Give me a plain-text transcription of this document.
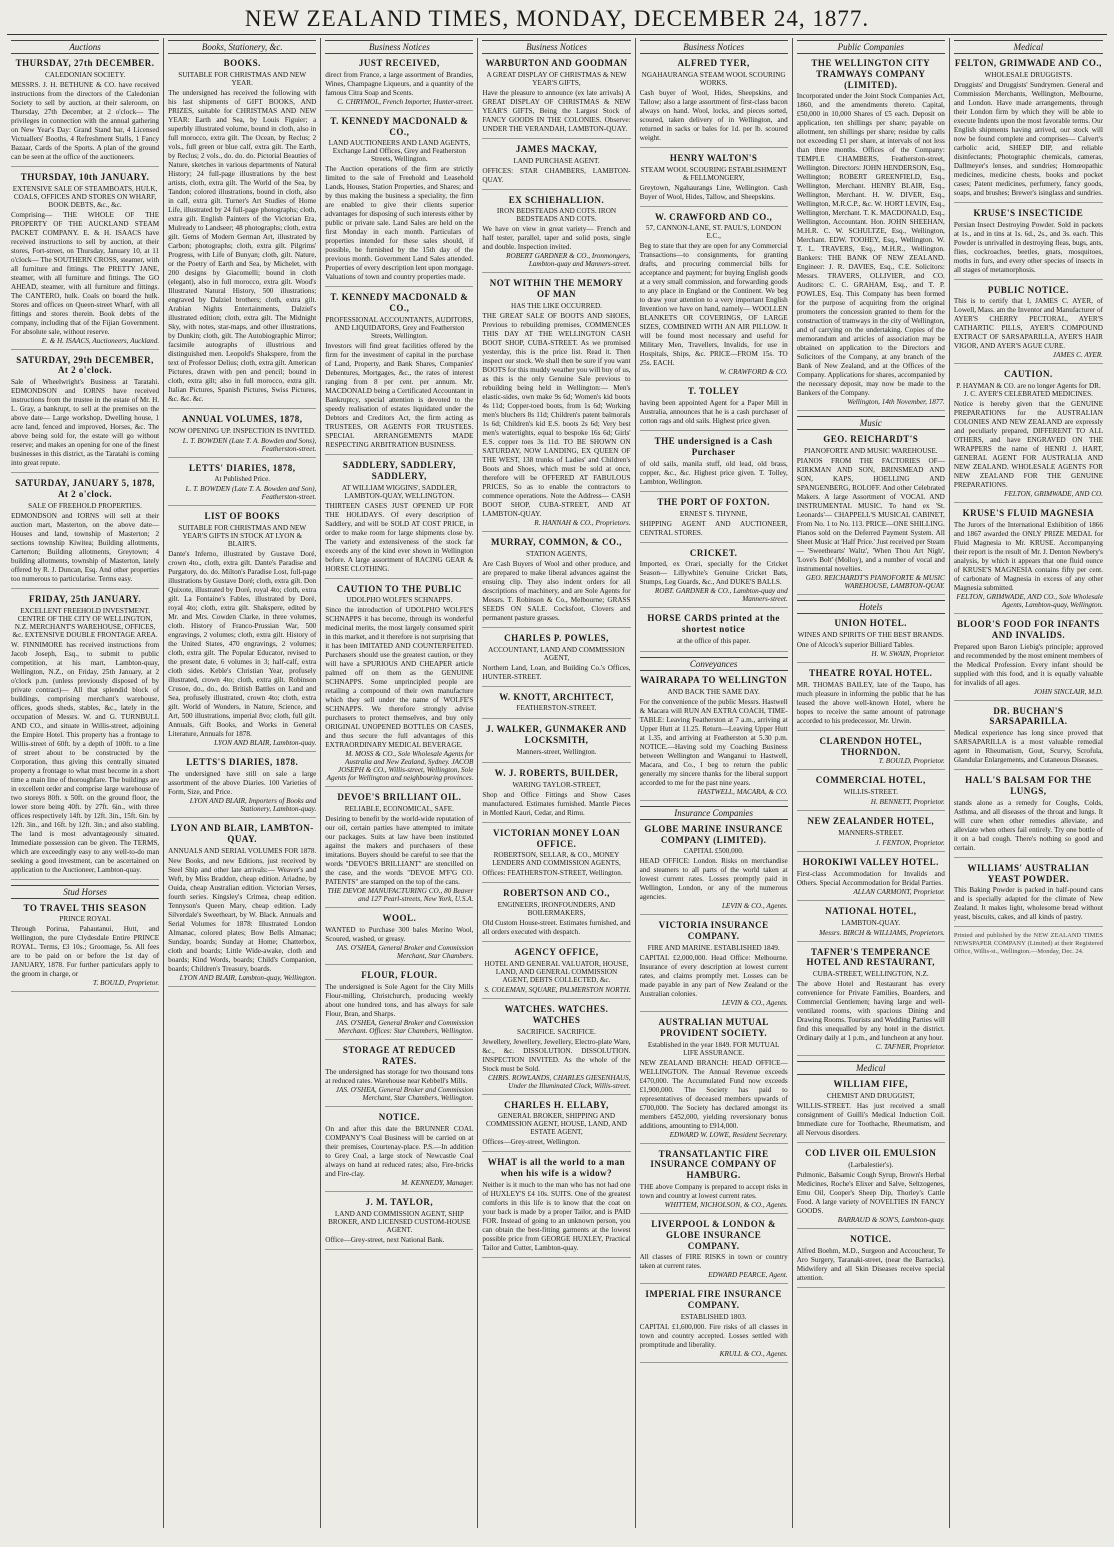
NEW ZEALAND TIMES, MONDAY, DECEMBER 24, 1877.
Auctions
THURSDAY, 27th DECEMBER.
CALEDONIAN SOCIETY.
MESSRS. J. H. BETHUNE & CO. have received instructions from the directors of the Caledonian Society to sell by auction, at their saleroom, on Thursday, 27th December, at 2 o'clock— The privileges in connection with the annual gathering on New Year's Day: Grand Stand bar, 4 Licensed Victuallers' Booths, 4 Refreshment Stalls, 1 Fancy Bazaar, Cards of the Sports. A plan of the ground can be seen at the office of the auctioneers.
THURSDAY, 10th JANUARY.
EXTENSIVE SALE OF STEAMBOATS, HULK, COALS, OFFICES AND STORES ON WHARF, BOOK DEBTS, &c., &c.
Comprising— THE WHOLE OF THE PROPERTY OF THE AUCKLAND STEAM PACKET COMPANY. E. & H. ISAACS have received instructions to sell by auction, at their stores, Fort-street, on Thursday, January 10, at 11 o'clock— The SOUTHERN CROSS, steamer, with all furniture and fittings. The PRETTY JANE, steamer, with all furniture and fittings. The GO AHEAD, steamer, with all furniture and fittings. The CANTERO, hulk. Coals on board the hulk. Stores and offices on Queen-street Wharf, with all fittings and stores therein. Book debts of the company, including that of the Fijian Government. For absolute sale, without reserve.
E. & H. ISAACS, Auctioneers, Auckland.
SATURDAY, 29th DECEMBER, At 2 o'clock.
Sale of Wheelwright's Business at Taratahi. EDMONDSON and IORNS have received instructions from the trustee in the estate of Mr. H. L. Gray, a bankrupt, to sell at the premises on the above date— Large workshop, Dwelling house, 1 acre land, fenced and improved, Horses, &c. The above being sold for, the estate will go without reserve; and makes an opening for one of the finest businesses in this district, as the Taratahi is coming into great repute.
SATURDAY, JANUARY 5, 1878, At 2 o'clock.
SALE OF FREEHOLD PROPERTIES.
EDMONDSON and IORNS will sell at their auction mart, Masterton, on the above date— Houses and land, township of Masterton; 2 sections township Kiwitea; Building allotments, Carterton; Building allotments, Greytown; 4 building allotments, township of Masterton, lately offered by R. J. Duncan, Esq. And other properties too numerous to particularise. Terms easy.
FRIDAY, 25th JANUARY.
EXCELLENT FREEHOLD INVESTMENT. CENTRE OF THE CITY OF WELLINGTON, N.Z. MERCHANT'S WAREHOUSE, OFFICES, &c. EXTENSIVE DOUBLE FRONTAGE AREA.
W. FINNIMORE has received instructions from Jacob Joseph, Esq., to submit to public competition, at his mart, Lambton-quay, Wellington, N.Z., on Friday, 25th January, at 2 o'clock p.m. (unless previously disposed of by private contract)— All that splendid block of buildings, comprising merchant's warehouse, offices, goods sheds, stables, &c., lately in the occupation of Messrs. W. and G. TURNBULL AND CO., and situate in Willis-street, adjoining the Empire Hotel. This property has a frontage to Willis-street of 60ft. by a depth of 100ft. to a line of street about to be constructed by the Corporation, thus giving this centrally situated property a frontage to what must become in a short time a main line of thoroughfare. The buildings are in excellent order and comprise large warehouse of two storeys 80ft. x 50ft. on the ground floor, the lower store being 40ft. by 27ft. 6in., with three offices respectively 14ft. by 12ft. 3in., 15ft. 6in. by 12ft. 3in., and 16ft. by 12ft. 3in.; and also stabling. The land is most advantageously situated. Immediate possession can be given. The TERMS, which are exceedingly easy to any well-to-do man seeking a good investment, can be ascertained on application to the Auctioneer, Lambton-quay.
Stud Horses
TO TRAVEL THIS SEASON
PRINCE ROYAL
Through Porirua, Pahautanui, Hutt, and Wellington, the pure Clydesdale Entire PRINCE ROYAL. Terms, £3 10s.; Groomage, 5s. All fees are to be paid on or before the 1st day of JANUARY, 1878. For further particulars apply to the groom in charge, or
T. BOULD, Proprietor.
Books, Stationery, &c.
BOOKS.
SUITABLE FOR CHRISTMAS AND NEW YEAR.
The undersigned has received the following with his last shipments of GIFT BOOKS, AND PRIZES, suitable for CHRISTMAS AND NEW YEAR: Earth and Sea, by Louis Figuier; a superbly illustrated volume, bound in cloth, also in full morocco, extra gilt. The Ocean, by Reclus; 2 vols., full green or blue calf, extra gilt. The Earth, by Reclus; 2 vols., do. do. do. Pictorial Beauties of Nature, sketches in various departments of Natural History; 24 full-page illustrations by the best artists, cloth, extra gilt. The World of the Sea, by Tandon; colored illustrations, bound in cloth, also in calf, extra gilt. Turner's Art Studies of Home Life, illustrated by 24 full-page photographs; cloth, extra gilt. English Painters of the Victorian Era, Mulready to Landseer; 48 photographs; cloth, extra gilt. Gems of Modern German Art, illustrated by Carbon; photographs; cloth, extra gilt. Pilgrims' Progress, with Life of Bunyan; cloth, gilt. Nature, or the Poetry of Earth and Sea, by Michelet, with 200 designs by Giacomelli; bound in cloth (elegant), also in full morocco, extra gilt. Wood's Illustrated Natural History, 500 illustrations; engraved by Dalziel brothers; cloth, extra gilt. Arabian Nights Entertainments, Dalziel's illustrated edition; cloth, extra gilt. The Midnight Sky, with notes, star-maps, and other illustrations, by Dunkin; cloth, gilt. The Autobiographic Mirror; facsimile autographs of illustrious and distinguished men. Leopold's Shakspere, from the text of Professor Delius; cloth, extra gilt. American Pictures, drawn with pen and pencil; bound in cloth, extra gilt; also in full morocco, extra gilt. Italian Pictures, Spanish Pictures, Swiss Pictures, &c. &c. &c.
ANNUAL VOLUMES, 1878,
NOW OPENING UP. INSPECTION IS INVITED.
L. T. BOWDEN (Late T. A. Bowden and Sons), Featherston-street.
LETTS' DIARIES, 1878,
At Published Price.
L. T. BOWDEN (Late T. A. Bowden and Son), Featherston-street.
LIST OF BOOKS
SUITABLE FOR CHRISTMAS AND NEW YEAR'S GIFTS IN STOCK AT LYON & BLAIR'S.
Dante's Inferno, illustrated by Gustave Doré, crown 4to., cloth, extra gilt. Dante's Paradise and Purgatory, do. do. Milton's Paradise Lost, full-page illustrations by Gustave Doré; cloth, extra gilt. Don Quixote, illustrated by Doré, royal 4to; cloth, extra gilt. La Fontaine's Fables, illustrated by Doré, royal 4to; cloth, extra gilt. Shakspere, edited by Mr. and Mrs. Cowden Clarke, in three volumes, cloth. History of Franco-Prussian War, 500 engravings, 2 volumes; cloth, extra gilt. History of the United States, 470 engravings, 2 volumes; cloth, extra gilt. The Popular Educator, revised to the present date, 6 volumes in 3; half-calf, extra cloth sides. Keble's Christian Year, profusely illustrated, crown 4to; cloth, extra gilt. Robinson Crusoe, do., do., do. British Battles on Land and Sea, profusely illustrated, crown 4to; cloth, extra gilt. World of Wonders, in Nature, Science, and Art, 500 illustrations, imperial 8vo; cloth, full gilt. Annuals, Gift Books, and Works in General Literature, Annuals for 1878.
LYON AND BLAIR, Lambton-quay.
LETTS'S DIARIES, 1878.
The undersigned have still on sale a large assortment of the above Diaries. 100 Varieties of Form, Size, and Price.
LYON AND BLAIR, Importers of Books and Stationery, Lambton-quay.
LYON AND BLAIR, LAMBTON-QUAY.
ANNUALS AND SERIAL VOLUMES FOR 1878.
New Books, and new Editions, just received by Steel Ship and other late arrivals:— Weaver's and Weft, by Miss Braddon, cheap edition. Ariadne, by Ouida, cheap Australian edition. Victorian Verses, fourth series. Kingsley's Crimea, cheap edition. Tennyson's Queen Mary, cheap edition. Lady Silverdale's Sweetheart, by W. Black. Annuals and Serial Volumes for 1878: Illustrated London Almanac, colored plates; Bow Bells Almanac; Sunday, boards; Sunday at Home; Chatterbox, cloth and boards; Little Wide-awake, cloth and boards; Kind Words, boards; Child's Companion, boards; Children's Treasury, boards.
LYON AND BLAIR, Lambton-quay, Wellington.
Business Notices
JUST RECEIVED,
direct from France, a large assortment of Brandies, Wines, Champagne Liqueurs, and a quantity of the famous Citra Soap and Scents.
C. CHRYMOL, French Importer, Hunter-street.
T. KENNEDY MACDONALD & CO.,
LAND AUCTIONEERS AND LAND AGENTS, Exchange Land Offices, Grey and Featherston Streets, Wellington.
The Auction operations of the firm are strictly limited to the sale of Freehold and Leasehold Lands, Houses, Station Properties, and Shares; and by thus making the business a speciality, the firm are enabled to give their clients superior advantages for disposing of such interests either by public or private sale. Land Sales are held on the first Monday in each month. Particulars of properties intended for these sales should, if possible, be furnished by the 15th day of the previous month. Government Land Sales attended. Properties of every description lent upon mortgage. Valuations of town and country properties made.
T. KENNEDY MACDONALD & CO.,
PROFESSIONAL ACCOUNTANTS, AUDITORS, AND LIQUIDATORS, Grey and Featherston Streets, Wellington.
Investors will find great facilities offered by the firm for the investment of capital in the purchase of Land, Property, and Bank Shares, Companies' Debentures, Mortgages, &c., the rates of interest ranging from 8 per cent. per annum. Mr. MACDONALD being a Certificated Accountant in Bankruptcy, special attention is devoted to the speedy realisation of estates liquidated under the Debtors and Creditors Act, the firm acting as TRUSTEES, OR AGENTS FOR TRUSTEES. SPECIAL ARRANGEMENTS MADE RESPECTING ARBITRATION BUSINESS.
SADDLERY, SADDLERY, SADDLERY,
AT WILLIAM WIGGINS', SADDLER, LAMBTON-QUAY, WELLINGTON.
THIRTEEN CASES JUST OPENED UP FOR THE HOLIDAYS. Of every description of Saddlery, and will be SOLD AT COST PRICE, in order to make room for large shipments close by. The variety and extensiveness of the stock far exceeds any of the kind ever shown in Wellington before. A large assortment of RACING GEAR & HORSE CLOTHING.
CAUTION TO THE PUBLIC
UDOLPHO WOLFE'S SCHNAPPS.
Since the introduction of UDOLPHO WOLFE'S SCHNAPPS it has become, through its wonderful medicinal merits, the most largely consumed spirit in this market, and it therefore is not surprising that it has been IMITATED AND COUNTERFEITED. Purchasers should use the greatest caution, or they will have a SPURIOUS AND CHEAPER article palmed off on them as the GENUINE SCHNAPPS. Some unprincipled people are retailing a compound of their own manufacture which they sell under the name of WOLFE'S SCHNAPPS. We therefore strongly advise purchasers to protect themselves, and buy only ORIGINAL UNOPENED BOTTLES OR CASES, and thus secure the full advantages of this EXTRAORDINARY MEDICAL BEVERAGE.
M. MOSS & CO., Sole Wholesale Agents for Australia and New Zealand, Sydney. JACOB JOSEPH & CO., Willis-street, Wellington, Sole Agents for Wellington and neighbouring provinces.
DEVOE'S BRILLIANT OIL.
RELIABLE, ECONOMICAL, SAFE.
Desiring to benefit by the world-wide reputation of our oil, certain parties have attempted to imitate our packages. Suits at law have been instituted against the makers and purchasers of these imitations. Buyers should be careful to see that the words "DEVOE'S BRILLIANT" are stencilled on the case, and the words "DEVOE M'F'G CO. PATENTS" are stamped on the top of the cans.
THE DEVOE MANUFACTURING CO., 80 Beaver and 127 Pearl-streets, New York, U.S.A.
WOOL.
WANTED to Purchase 300 bales Merino Wool, Scoured, washed, or greasy.
JAS. O'SHEA, General Broker and Commission Merchant, Star Chambers.
FLOUR, FLOUR.
The undersigned is Sole Agent for the City Mills Flour-milling, Christchurch, producing weekly about one hundred tons, and has always for sale Flour, Bran, and Sharps.
JAS. O'SHEA, General Broker and Commission Merchant. Offices: Star Chambers, Wellington.
STORAGE AT REDUCED RATES.
The undersigned has storage for two thousand tons at reduced rates. Warehouse near Kebbell's Mills.
JAS. O'SHEA, General Broker and Commission Merchant, Star Chambers, Wellington.
NOTICE.
On and after this date the BRUNNER COAL COMPANY'S Coal Business will be carried on at their premises, Courtenay-place. P.S.—In addition to Grey Coal, a large stock of Newcastle Coal always on hand at reduced rates; also, Fire-bricks and Fire-clay.
M. KENNEDY, Manager.
J. M. TAYLOR,
LAND AND COMMISSION AGENT, SHIP BROKER, AND LICENSED CUSTOM-HOUSE AGENT.
Office—Grey-street, next National Bank.
Business Notices
WARBURTON AND GOODMAN
A GREAT DISPLAY OF CHRISTMAS & NEW YEAR'S GIFTS,
Have the pleasure to announce (ex late arrivals) A GREAT DISPLAY OF CHRISTMAS & NEW YEAR'S GIFTS, Being the Largest Stock of FANCY GOODS IN THE COLONIES. Observe: UNDER THE VERANDAH, LAMBTON-QUAY.
JAMES MACKAY,
LAND PURCHASE AGENT.
OFFICES: STAR CHAMBERS, LAMBTON-QUAY.
EX SCHIEHALLION.
IRON BEDSTEADS AND COTS. IRON BEDSTEADS AND COTS.
We have on view in great variety— French and half tester, parallel, taper and solid posts, single and double. Inspection invited.
ROBERT GARDNER & CO., Ironmongers, Lambton-quay and Manners-street.
NOT WITHIN THE MEMORY OF MAN
HAS THE LIKE OCCURRED.
THE GREAT SALE OF BOOTS AND SHOES, Previous to rebuilding premises, COMMENCES THIS DAY AT THE WELLINGTON CASH BOOT SHOP, CUBA-STREET. As we promised yesterday, this is the price list. Read it. Then inspect our stock. We shall then be sure if you want BOOTS for this muddy weather you will buy of us, as this is the only Genuine Sale previous to rebuilding being held in Wellington:— Men's elastic-sides, own make 9s 6d; Women's kid boots 4s 11d; Copper-toed boots, from 1s 6d; Working men's bluchers 8s 11d; Children's patent balmorals 1s 6d; Children's kid E.S. boots 2s 6d; Very best men's watertights, equal to bespoke 16s 6d; Girls' E.S. copper toes 3s 11d. TO BE SHOWN ON SATURDAY, NOW LANDING, EX QUEEN OF THE WEST, 138 trunks of Ladies' and Children's Boots and Shoes, which must be sold at once, therefore will be OFFERED AT FABULOUS PRICES, So as to enable the contractors to commence operations. Note the Address— CASH BOOT SHOP, CUBA-STREET, AND AT LAMBTON-QUAY.
R. HANNAH & CO., Proprietors.
MURRAY, COMMON, & CO.,
STATION AGENTS,
Are Cash Buyers of Wool and other produce, and are prepared to make liberal advances against the ensuing clip. They also indent orders for all descriptions of machinery, and are Sole Agents for Messrs. T. Robinson & Co., Melbourne; GRASS SEEDS ON SALE. Cocksfoot, Clovers and permanent pasture grasses.
CHARLES P. POWLES,
ACCOUNTANT, LAND AND COMMISSION AGENT,
Northern Land, Loan, and Building Co.'s Offices, HUNTER-STREET.
W. KNOTT, ARCHITECT,
FEATHERSTON-STREET.
J. WALKER, GUNMAKER AND LOCKSMITH,
Manners-street, Wellington.
W. J. ROBERTS, BUILDER,
WARING TAYLOR-STREET,
Shop and Office Fittings and Show Cases manufactured. Estimates furnished. Mantle Pieces in Mottled Kauri, Cedar, and Rimu.
VICTORIAN MONEY LOAN OFFICE.
ROBERTSON, SELLAR, & CO., MONEY LENDERS AND COMMISSION AGENTS,
Offices: FEATHERSTON-STREET, Wellington.
ROBERTSON AND CO.,
ENGINEERS, IRONFOUNDERS, AND BOILERMAKERS,
Old Custom House-street. Estimates furnished, and all orders executed with despatch.
AGENCY OFFICE,
HOTEL AND GENERAL VALUATOR, HOUSE, LAND, AND GENERAL COMMISSION AGENT, DEBTS COLLECTED, &c.
S. COLEMAN, SQUARE, PALMERSTON NORTH.
WATCHES. WATCHES. WATCHES
SACRIFICE. SACRIFICE.
Jewellery, Jewellery, Jewellery, Electro-plate Ware, &c., &c. DISSOLUTION. DISSOLUTION. INSPECTION INVITED. As the whole of the Stock must be Sold.
CHRIS. ROWLANDS, CHARLES GIESENHAUS, Under the Illuminated Clock, Willis-street.
CHARLES H. ELLABY,
GENERAL BROKER, SHIPPING AND COMMISSION AGENT, HOUSE, LAND, AND ESTATE AGENT,
Offices—Grey-street, Wellington.
WHAT is all the world to a man when his wife is a widow?
Neither is it much to the man who has not had one of HUXLEY'S £4 10s. SUITS. One of the greatest comforts in this life is to know that the coat on your back is made by a proper Tailor, and is PAID FOR. Instead of going to an unknown person, you can obtain the best-fitting garments at the lowest possible price from GEORGE HUXLEY, Practical Tailor and Cutter, Lambton-quay.
Business Notices
ALFRED TYER,
NGAHAURANGA STEAM WOOL SCOURING WORKS.
Cash buyer of Wool, Hides, Sheepskins, and Tallow; also a large assortment of first-class bacon always on hand. Wool, locks, and pieces sorted, scoured, taken delivery of in Wellington, and returned in sacks or bales for 1d. per lb. scoured weight.
HENRY WALTON'S
STEAM WOOL SCOURING ESTABLISHMENT & FELLMONGERY,
Greytown, Ngahaurangs Line, Wellington. Cash Buyer of Wool, Hides, Tallow, and Sheepskins.
W. CRAWFORD AND CO.,
57, CANNON-LANE, ST. PAUL'S, LONDON E.C.,
Beg to state that they are open for any Commercial Transactions—to consignments, for granting drafts, and procuring commercial bills for acceptance and payment; for buying English goods at a very small commission, and forwarding goods to any place in England or the Continent. We beg to draw your attention to a very important English Invention we have on hand, namely— WOOLLEN BLANKETS OR COVERINGS, OF LARGE SIZES, COMBINED WITH AN AIR PILLOW. It will be found most necessary and useful for Military Men, Travellers, Invalids, for use in Hospitals, Ships, &c. PRICE—FROM 15s. TO 25s. EACH.
W. CRAWFORD & CO.
T. TOLLEY
having been appointed Agent for a Paper Mill in Australia, announces that he is a cash purchaser of cotton rags and old sails. Highest price given.
THE undersigned is a Cash Purchaser
of old sails, manila stuff, old lead, old brass, copper, &c., &c. Highest price given. T. Tolley, Lambton, Wellington.
THE PORT OF FOXTON.
ERNEST S. THYNNE,
SHIPPING AGENT AND AUCTIONEER, CENTRAL STORES.
CRICKET.
Imported, ex Orari, specially for the Cricket Season— Lillywhite's Genuine Cricket Bats, Stumps, Leg Guards, &c., And DUKE'S BALLS.
ROBT. GARDNER & CO., Lambton-quay and Manners-street.
HORSE CARDS printed at the shortest notice
at the office of this paper.
Conveyances
WAIRARAPA TO WELLINGTON
AND BACK THE SAME DAY.
For the convenience of the public Messrs. Hastwell & Macara will RUN AN EXTRA COACH, TIME-TABLE: Leaving Featherston at 7 a.m., arriving at Upper Hutt at 11.25. Return—Leaving Upper Hutt at 1.35, and arriving at Featherston at 5.30 p.m. NOTICE.—Having sold my Coaching Business between Wellington and Wanganui to Hastwell, Macara, and Co., I beg to return the public generally my sincere thanks for the liberal support accorded to me for the past nine years.
HASTWELL, MACARA, & CO.
Insurance Companies
GLOBE MARINE INSURANCE COMPANY (LIMITED).
CAPITAL £500,000.
HEAD OFFICE: London. Risks on merchandise and steamers to all parts of the world taken at lowest current rates. Losses promptly paid in Wellington, London, or any of the numerous agencies.
LEVIN & CO., Agents.
VICTORIA INSURANCE COMPANY.
FIRE AND MARINE. ESTABLISHED 1849.
CAPITAL £2,000,000. Head Office: Melbourne. Insurance of every description at lowest current rates, and claims promptly met. Losses can be made payable in any part of New Zealand or the Australian colonies.
LEVIN & CO., Agents.
AUSTRALIAN MUTUAL PROVIDENT SOCIETY.
Established in the year 1849. FOR MUTUAL LIFE ASSURANCE.
NEW ZEALAND BRANCH: HEAD OFFICE—WELLINGTON. The Annual Revenue exceeds £470,000. The Accumulated Fund now exceeds £1,900,000. The Society has paid to representatives of deceased members upwards of £700,000. The Society has declared amongst its members £452,000, yielding reversionary bonus additions, amounting to £914,000.
EDWARD W. LOWE, Resident Secretary.
TRANSATLANTIC FIRE INSURANCE COMPANY OF HAMBURG.
THE above Company is prepared to accept risks in town and country at lowest current rates.
WHITTEM, NICHOLSON, & CO., Agents.
LIVERPOOL & LONDON & GLOBE INSURANCE COMPANY.
All classes of FIRE RISKS in town or country taken at current rates.
EDWARD PEARCE, Agent.
IMPERIAL FIRE INSURANCE COMPANY.
ESTABLISHED 1803.
CAPITAL £1,600,000. Fire risks of all classes in town and country accepted. Losses settled with promptitude and liberality.
KRULL & CO., Agents.
Public Companies
THE WELLINGTON CITY TRAMWAYS COMPANY (LIMITED).
Incorporated under the Joint Stock Companies Act, 1860, and the amendments thereto. Capital, £50,000 in 10,000 Shares of £5 each. Deposit on application, ten shillings per share; payable on allotment, ten shillings per share; residue by calls not exceeding £1 per share, at intervals of not less than three months. Offices of the Company: TEMPLE CHAMBERS, Featherston-street, Wellington. Directors: JOHN HENDERSON, Esq., Wellington; ROBERT GREENFIELD, Esq., Wellington, Merchant. HENRY BLAIR, Esq., Wellington, Merchant. H. W. DIVER, Esq., Wellington, M.R.C.P., &c. W. HORT LEVIN, Esq., Wellington, Merchant. T. K. MACDONALD, Esq., Wellington, Accountant. Hon. JOHN SHEEHAN, M.H.R. C. W. SCHULTZE, Esq., Wellington, Merchant. EDW. TOOHEY, Esq., Wellington. W. T. L. TRAVERS, Esq., M.H.R., Wellington. Bankers: THE BANK OF NEW ZEALAND. Engineer: J. R. DAVIES, Esq., C.E. Solicitors: Messrs. TRAVERS, OLLIVIER, and CO. Auditors: C. C. GRAHAM, Esq., and T. P. POWLES, Esq. This Company has been formed for the purpose of acquiring from the original promoters the concession granted to them for the construction of tramways in the city of Wellington, and of carrying on the undertaking. Copies of the memorandum and articles of association may be obtained on application to the Directors and Solicitors of the Company, at any branch of the Bank of New Zealand, and at the Offices of the Company. Applications for shares, accompanied by the necessary deposit, may now be made to the Bankers of the Company.
Wellington, 14th November, 1877.
Music
GEO. REICHARDT'S
PIANOFORTE AND MUSIC WAREHOUSE.
PIANOS FROM THE FACTORIES OF— KIRKMAN AND SON, BRINSMEAD AND SON, KAPS, HOELLING AND SPANGENBERG, ROLOFF. And other Celebrated Makers. A large Assortment of VOCAL AND INSTRUMENTAL MUSIC. To hand ex 'St. Leonards'— CHAPPELL'S MUSICAL CABINET, From No. 1 to No. 113. PRICE—ONE SHILLING. Pianos sold on the Deferred Payment System. All Sheet Music at 'Half Price.' Just received per Steam— 'Sweethearts' Waltz', 'When Thou Art Nigh', 'Love's Bolt' (Molloy), and a number of vocal and instrumental novelties.
GEO. REICHARDT'S PIANOFORTE & MUSIC WAREHOUSE, LAMBTON-QUAY.
Hotels
UNION HOTEL.
WINES AND SPIRITS OF THE BEST BRANDS.
One of Alcock's superior Billiard Tables.
H. W. SWAIN, Proprietor.
THEATRE ROYAL HOTEL.
MR. THOMAS BAILEY, late of the Taupo, has much pleasure in informing the public that he has leased the above well-known Hotel, where he hopes to receive the same amount of patronage accorded to his predecessor, Mr. Urwin.
CLARENDON HOTEL, THORNDON.
T. BOULD, Proprietor.
COMMERCIAL HOTEL,
WILLIS-STREET.
H. BENNETT, Proprietor.
NEW ZEALANDER HOTEL,
MANNERS-STREET.
J. FENTON, Proprietor.
HOROKIWI VALLEY HOTEL.
First-class Accommodation for Invalids and Others. Special Accommodation for Bridal Parties.
ALLAN CARMONT, Proprietor.
NATIONAL HOTEL,
LAMBTON-QUAY.
Messrs. BIRCH & WILLIAMS, Proprietors.
TAFNER'S TEMPERANCE HOTEL AND RESTAURANT,
CUBA-STREET, WELLINGTON, N.Z.
The above Hotel and Restaurant has every convenience for Private Families, Boarders, and Commercial Gentlemen; having large and well-ventilated rooms, with spacious Dining and Drawing Rooms. Tourists and Wedding Parties will find this unequalled by any hotel in the district. Ordinary daily at 1 p.m., and luncheon at any hour.
C. TAFNER, Proprietor.
Medical
WILLIAM FIFE,
CHEMIST AND DRUGGIST,
WILLIS-STREET. Has just received a small consignment of Guilli's Medical Induction Coil. Immediate cure for Toothache, Rheumatism, and all Nervous disorders.
COD LIVER OIL EMULSION
(Larbalestier's).
Pulmonic, Balsamic Cough Syrup, Brown's Herbal Medicines, Roche's Elixer and Salve, Seltzogenes, Emu Oil, Cooper's Sheep Dip, Thorley's Cattle Food. A large variety of NOVELTIES IN FANCY GOODS.
BARRAUD & SON'S, Lambton-quay.
NOTICE.
Alfred Boehm, M.D., Surgeon and Accoucheur, Te Aro Surgery, Taranaki-street, (near the Barracks). Midwifery and all Skin Diseases receive special attention.
Medical
FELTON, GRIMWADE AND CO.,
WHOLESALE DRUGGISTS.
Druggists' and Druggists' Sundrymen. General and Commission Merchants, Wellington, Melbourne, and London. Have made arrangements, through their London firm by which they will be able to execute Indents upon the most favorable terms. Our English shipments having arrived, our stock will now be found complete and comprises— Calvert's carbolic acid, SHEEP DIP, and reliable disinfectants; Photographic chemicals, cameras, Dallmeyer's lenses, and sundries; Homœopathic medicines, medicine chests, books and pocket cases; Patent medicines, perfumery, fancy goods, soaps, and brushes; Brewer's isinglass and sundries.
KRUSE'S INSECTICIDE
Persian Insect Destroying Powder. Sold in packets at 1s., and in tins at 1s. 6d., 2s., and 3s. each. This Powder is unrivalled in destroying fleas, bugs, ants, flies, cockroaches, beetles, gnats, mosquitoes, moths in furs, and every other species of insects in all stages of metamorphosis.
PUBLIC NOTICE.
This is to certify that I, JAMES C. AYER, of Lowell, Mass. am the Inventor and Manufacturer of AYER'S CHERRY PECTORAL, AYER'S CATHARTIC PILLS, AYER'S COMPOUND EXTRACT OF SARSAPARILLA, AYER'S HAIR VIGOR, AND AYER'S AGUE CURE.
JAMES C. AYER.
CAUTION.
P. HAYMAN & CO. are no longer Agents for DR. J. C. AYER'S CELEBRATED MEDICINES.
Notice is hereby given that the GENUINE PREPARATIONS for the AUSTRALIAN COLONIES AND NEW ZEALAND are expressly and peculiarly prepared, DIFFERENT TO ALL OTHERS, and have ENGRAVED ON THE WRAPPERS the name of HENRI J. HART, GENERAL AGENT FOR AUSTRALIA AND NEW ZEALAND. WHOLESALE AGENTS FOR NEW ZEALAND FOR THE GENUINE PREPARATIONS.
FELTON, GRIMWADE, AND CO.
KRUSE'S FLUID MAGNESIA
The Jurors of the International Exhibition of 1866 and 1867 awarded the ONLY PRIZE MEDAL for Fluid Magnesia to Mr. KRUSE. Accompanying their report is the result of Mr. J. Denton Newbery's analysis, by which it appears that one fluid ounce of KRUSE'S MAGNESIA contains fifty per cent. of carbonate of Magnesia in excess of any other Magnesia submitted.
FELTON, GRIMWADE, AND CO., Sole Wholesale Agents, Lambton-quay, Wellington.
BLOOR'S FOOD FOR INFANTS AND INVALIDS.
Prepared upon Baron Liebig's principle; approved and recommended by the most eminent members of the Medical Profession. Every infant should be supplied with this food, and it is equally valuable for invalids of all ages.
JOHN SINCLAIR, M.D.
DR. BUCHAN'S SARSAPARILLA.
Medical experience has long since proved that SARSAPARILLA is a most valuable remedial agent in Rheumatism, Gout, Scurvy, Scrofula, Glandular Enlargements, and Cutaneous Diseases.
HALL'S BALSAM FOR THE LUNGS,
stands alone as a remedy for Coughs, Colds, Asthma, and all diseases of the throat and lungs. It will cure when other remedies alleviate, and alleviate when others fail entirely. Try one bottle of it on a bad cough. There's nothing so good and certain.
WILLIAMS' AUSTRALIAN YEAST POWDER.
This Baking Powder is packed in half-pound cans and is specially adapted for the climate of New Zealand. It makes light, wholesome bread without yeast, biscuits, cakes, and all kinds of pastry.
Printed and published by the NEW ZEALAND TIMES NEWSPAPER COMPANY (Limited) at their Registered Office, Willis-st., Wellington.—Monday, Dec. 24.
